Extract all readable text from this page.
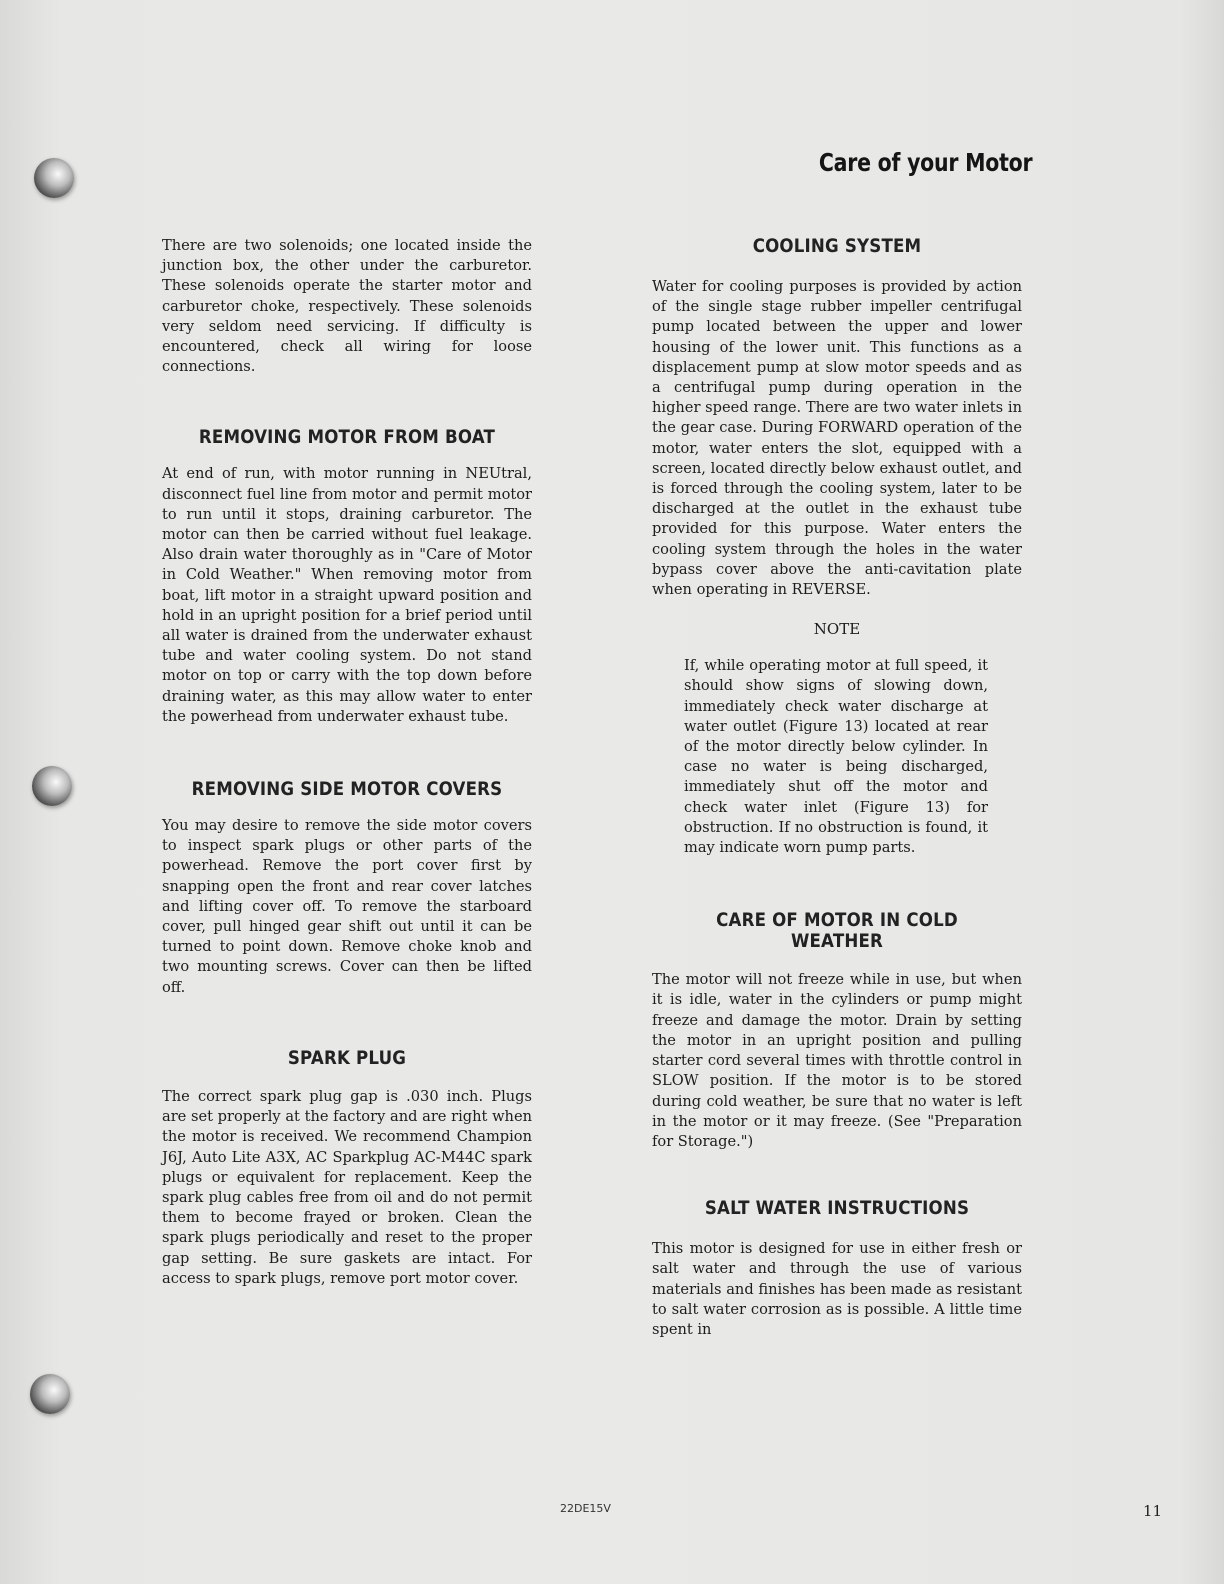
Care of your Motor

There are two solenoids; one located inside the junction box, the other under the carburetor. These solenoids operate the starter motor and carburetor choke, respectively. These solenoids very seldom need servicing. If difficulty is encountered, check all wiring for loose connections.

REMOVING MOTOR FROM BOAT

At end of run, with motor running in NEUtral, disconnect fuel line from motor and permit motor to run until it stops, draining carburetor. The motor can then be carried without fuel leakage. Also drain water thoroughly as in "Care of Motor in Cold Weather." When removing motor from boat, lift motor in a straight upward position and hold in an upright position for a brief period until all water is drained from the underwater exhaust tube and water cooling system. Do not stand motor on top or carry with the top down before draining water, as this may allow water to enter the powerhead from underwater exhaust tube.

REMOVING SIDE MOTOR COVERS

You may desire to remove the side motor covers to inspect spark plugs or other parts of the powerhead. Remove the port cover first by snapping open the front and rear cover latches and lifting cover off. To remove the starboard cover, pull hinged gear shift out until it can be turned to point down. Remove choke knob and two mounting screws. Cover can then be lifted off.

SPARK PLUG

The correct spark plug gap is .030 inch. Plugs are set properly at the factory and are right when the motor is received. We recommend Champion J6J, Auto Lite A3X, AC Sparkplug AC-M44C spark plugs or equivalent for replacement. Keep the spark plug cables free from oil and do not permit them to become frayed or broken. Clean the spark plugs periodically and reset to the proper gap setting. Be sure gaskets are intact. For access to spark plugs, remove port motor cover.

COOLING SYSTEM

Water for cooling purposes is provided by action of the single stage rubber impeller centrifugal pump located between the upper and lower housing of the lower unit. This functions as a displacement pump at slow motor speeds and as a centrifugal pump during operation in the higher speed range. There are two water inlets in the gear case. During FORWARD operation of the motor, water enters the slot, equipped with a screen, located directly below exhaust outlet, and is forced through the cooling system, later to be discharged at the outlet in the exhaust tube provided for this purpose. Water enters the cooling system through the holes in the water bypass cover above the anti-cavitation plate when operating in REVERSE.

NOTE

If, while operating motor at full speed, it should show signs of slowing down, immediately check water discharge at water outlet (Figure 13) located at rear of the motor directly below cylinder. In case no water is being discharged, immediately shut off the motor and check water inlet (Figure 13) for obstruction. If no obstruction is found, it may indicate worn pump parts.

CARE OF MOTOR IN COLD WEATHER

The motor will not freeze while in use, but when it is idle, water in the cylinders or pump might freeze and damage the motor. Drain by setting the motor in an upright position and pulling starter cord several times with throttle control in SLOW position. If the motor is to be stored during cold weather, be sure that no water is left in the motor or it may freeze. (See "Preparation for Storage.")

SALT WATER INSTRUCTIONS

This motor is designed for use in either fresh or salt water and through the use of various materials and finishes has been made as resistant to salt water corrosion as is possible. A little time spent in

22DE15V	11
